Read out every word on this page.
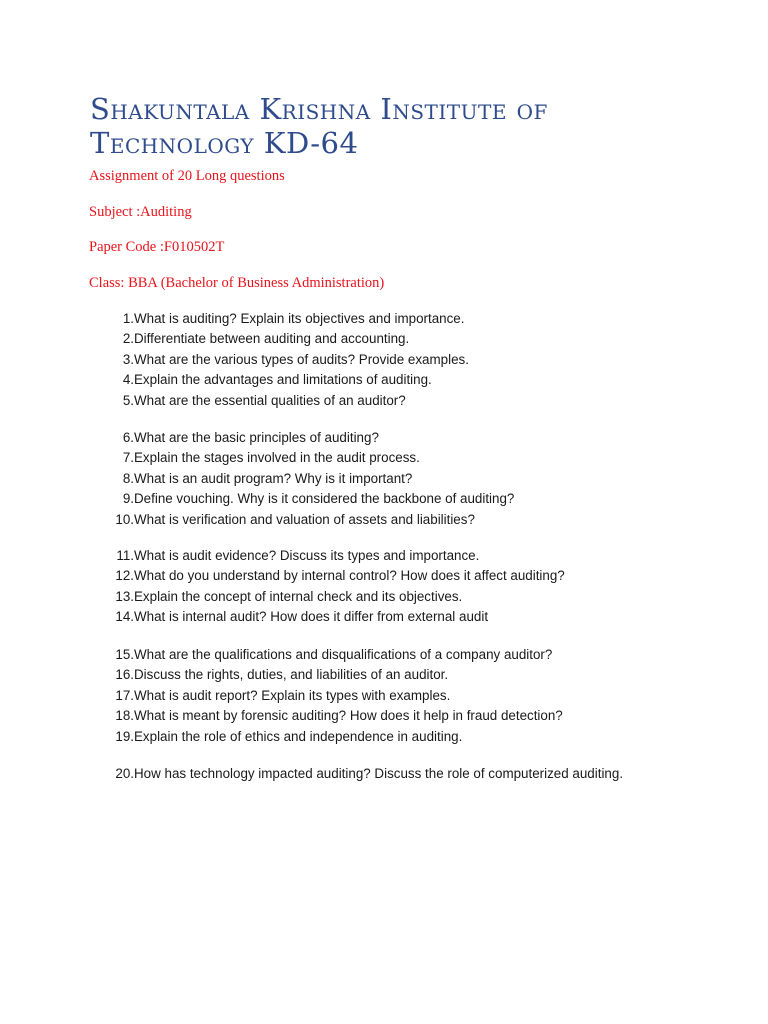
Shakuntala Krishna Institute of Technology KD-64

Assignment of 20 Long questions

Subject :Auditing

Paper Code :F010502T

Class: BBA (Bachelor of Business Administration)

1. What is auditing? Explain its objectives and importance.
2. Differentiate between auditing and accounting.
3. What are the various types of audits? Provide examples.
4. Explain the advantages and limitations of auditing.
5. What are the essential qualities of an auditor?
6. What are the basic principles of auditing?
7. Explain the stages involved in the audit process.
8. What is an audit program? Why is it important?
9. Define vouching. Why is it considered the backbone of auditing?
10. What is verification and valuation of assets and liabilities?
11. What is audit evidence? Discuss its types and importance.
12. What do you understand by internal control? How does it affect auditing?
13. Explain the concept of internal check and its objectives.
14. What is internal audit? How does it differ from external audit
15. What are the qualifications and disqualifications of a company auditor?
16. Discuss the rights, duties, and liabilities of an auditor.
17. What is audit report? Explain its types with examples.
18. What is meant by forensic auditing? How does it help in fraud detection?
19. Explain the role of ethics and independence in auditing.
20. How has technology impacted auditing? Discuss the role of computerized auditing.
